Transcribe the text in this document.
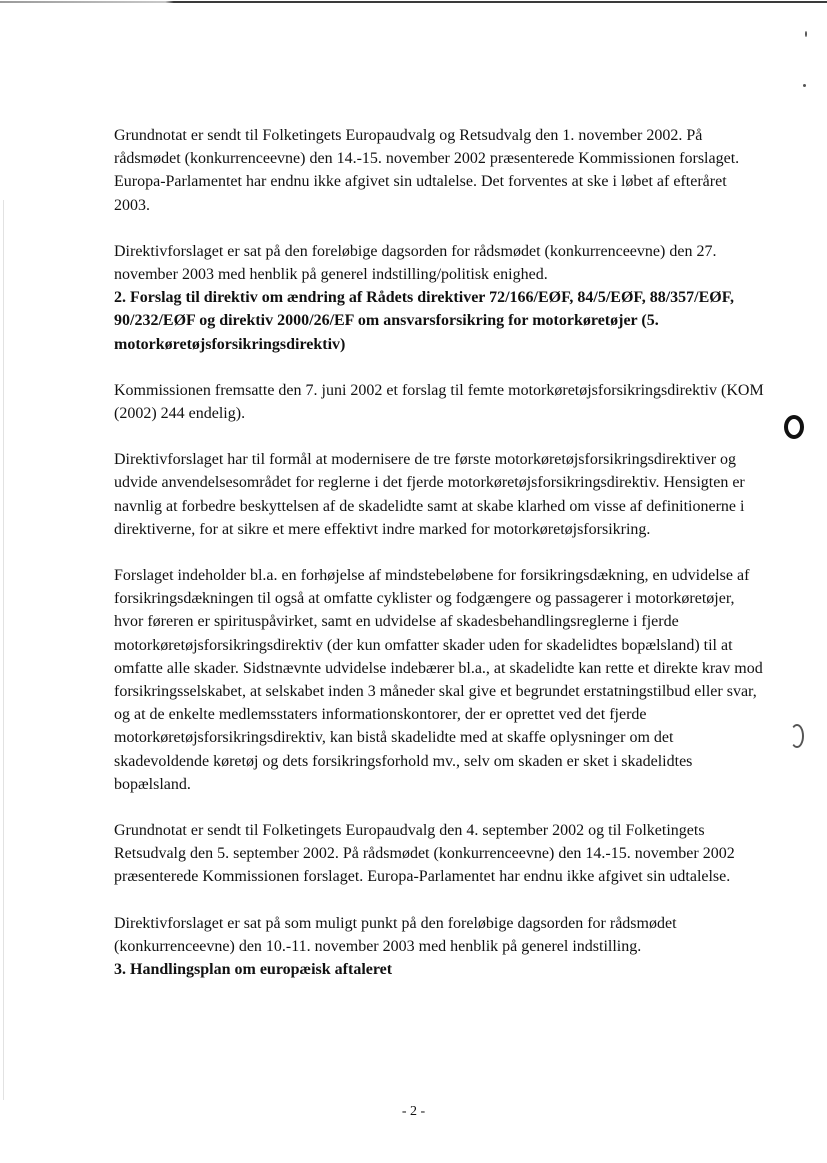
Grundnotat er sendt til Folketingets Europaudvalg og Retsudvalg den 1. november 2002. På rådsmødet (konkurrenceevne) den 14.-15. november 2002 præsenterede Kommissionen forslaget. Europa-Parlamentet har endnu ikke afgivet sin udtalelse. Det forventes at ske i løbet af efteråret 2003.

Direktivforslaget er sat på den foreløbige dagsorden for rådsmødet (konkurrenceevne) den 27. november 2003 med henblik på generel indstilling/politisk enighed.

2. Forslag til direktiv om ændring af Rådets direktiver 72/166/EØF, 84/5/EØF, 88/357/EØF, 90/232/EØF og direktiv 2000/26/EF om ansvarsforsikring for motorkøretøjer (5. motorkøretøjsforsikringsdirektiv)

Kommissionen fremsatte den 7. juni 2002 et forslag til femte motorkøretøjsforsikringsdirektiv (KOM (2002) 244 endelig).

Direktivforslaget har til formål at modernisere de tre første motorkøretøjsforsikringsdirektiver og udvide anvendelsesområdet for reglerne i det fjerde motorkøretøjsforsikringsdirektiv. Hensigten er navnlig at forbedre beskyttelsen af de skadelidte samt at skabe klarhed om visse af definitionerne i direktiverne, for at sikre et mere effektivt indre marked for motorkøretøjsforsikring.

Forslaget indeholder bl.a. en forhøjelse af mindstebeløbene for forsikringsdækning, en udvidelse af forsikringsdækningen til også at omfatte cyklister og fodgængere og passagerer i motorkøretøjer, hvor føreren er spirituspåvirket, samt en udvidelse af skadesbehandlingsreglerne i fjerde motorkøretøjsforsikringsdirektiv (der kun omfatter skader uden for skadelidtes bopælsland) til at omfatte alle skader. Sidstnævnte udvidelse indebærer bl.a., at skadelidte kan rette et direkte krav mod forsikringsselskabet, at selskabet inden 3 måneder skal give et begrundet erstatningstilbud eller svar, og at de enkelte medlemsstaters informationskontorer, der er oprettet ved det fjerde motorkøretøjsforsikringsdirektiv, kan bistå skadelidte med at skaffe oplysninger om det skadevoldende køretøj og dets forsikringsforhold mv., selv om skaden er sket i skadelidtes bopælsland.

Grundnotat er sendt til Folketingets Europaudvalg den 4. september 2002 og til Folketingets Retsudvalg den 5. september 2002. På rådsmødet (konkurrenceevne) den 14.-15. november 2002 præsenterede Kommissionen forslaget. Europa-Parlamentet har endnu ikke afgivet sin udtalelse.

Direktivforslaget er sat på som muligt punkt på den foreløbige dagsorden for rådsmødet (konkurrenceevne) den 10.-11. november 2003 med henblik på generel indstilling.

3. Handlingsplan om europæisk aftaleret

- 2 -
